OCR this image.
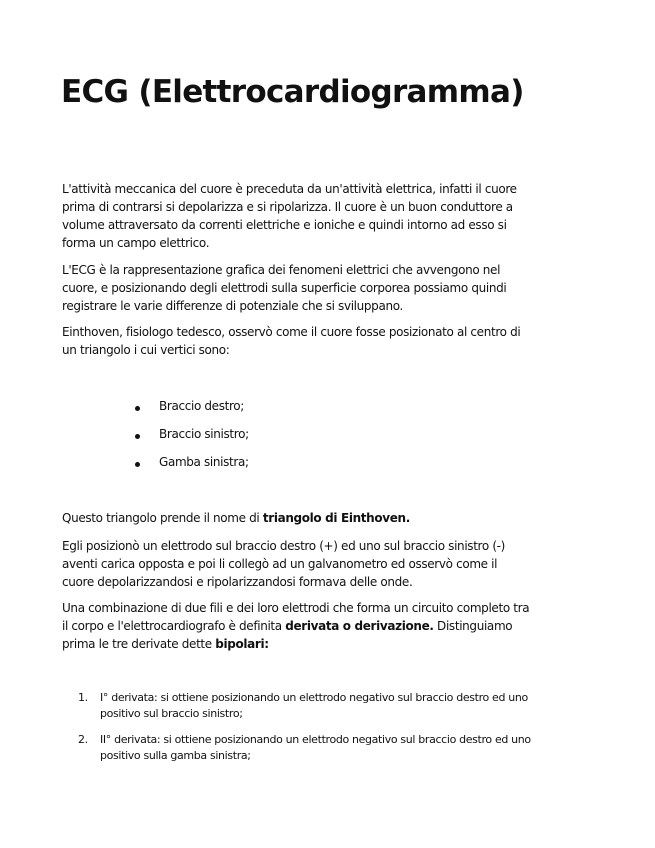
ECG (Elettrocardiogramma)

L'attività meccanica del cuore è preceduta da un'attività elettrica, infatti il cuore
prima di contrarsi si depolarizza e si ripolarizza. Il cuore è un buon conduttore a
volume attraversato da correnti elettriche e ioniche e quindi intorno ad esso si
forma un campo elettrico.

L'ECG è la rappresentazione grafica dei fenomeni elettrici che avvengono nel
cuore, e posizionando degli elettrodi sulla superficie corporea possiamo quindi
registrare le varie differenze di potenziale che si sviluppano.

Einthoven, fisiologo tedesco, osservò come il cuore fosse posizionato al centro di
un triangolo i cui vertici sono:

Braccio destro;
Braccio sinistro;
Gamba sinistra;

Questo triangolo prende il nome di triangolo di Einthoven.

Egli posizionò un elettrodo sul braccio destro (+) ed uno sul braccio sinistro (-)
aventi carica opposta e poi li collegò ad un galvanometro ed osservò come il
cuore depolarizzandosi e ripolarizzandosi formava delle onde.

Una combinazione di due fili e dei loro elettrodi che forma un circuito completo tra
il corpo e l'elettrocardiografo è definita derivata o derivazione. Distinguiamo
prima le tre derivate dette bipolari:

1. I° derivata: si ottiene posizionando un elettrodo negativo sul braccio destro ed uno
positivo sul braccio sinistro;
2. II° derivata: si ottiene posizionando un elettrodo negativo sul braccio destro ed uno
positivo sulla gamba sinistra;
